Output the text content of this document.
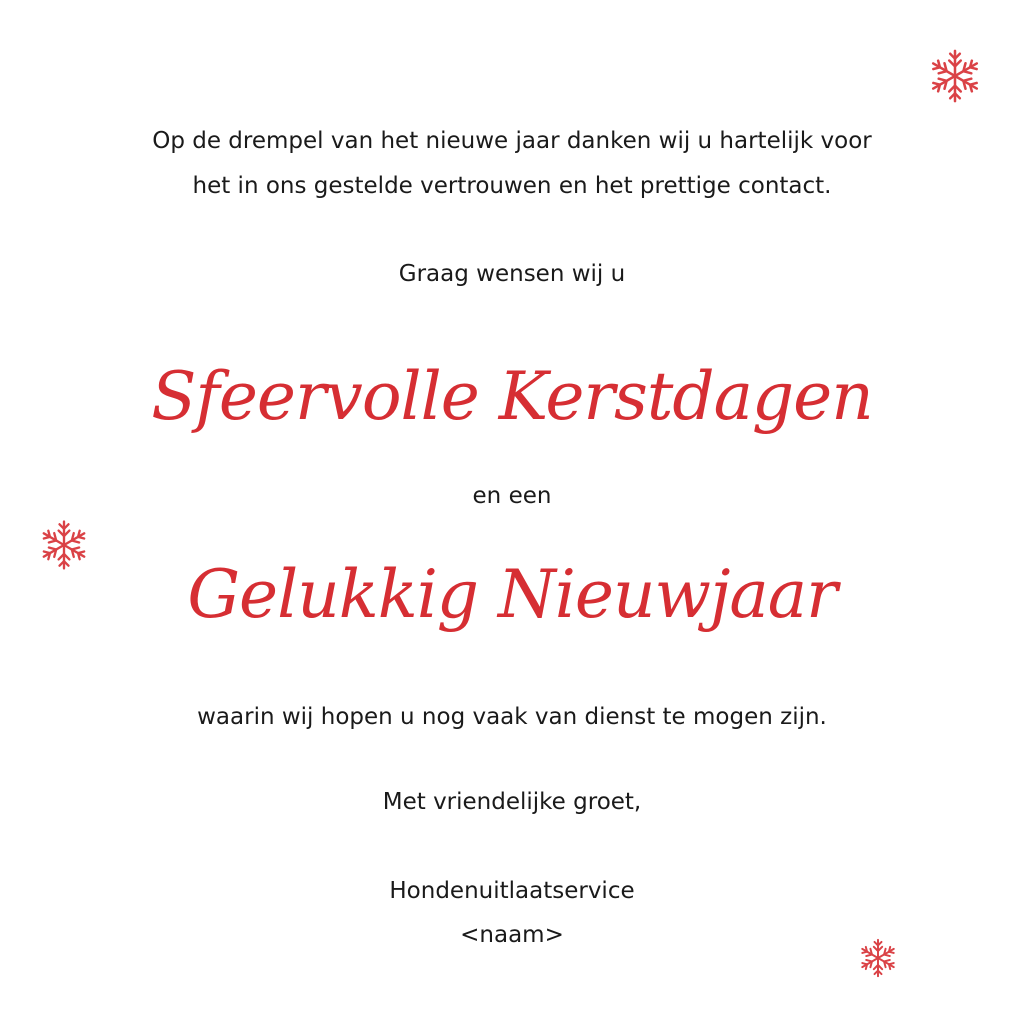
Op de drempel van het nieuwe jaar danken wij u hartelijk voor
het in ons gestelde vertrouwen en het prettige contact.
Graag wensen wij u
Sfeervolle Kerstdagen
en een
Gelukkig Nieuwjaar
waarin wij hopen u nog vaak van dienst te mogen zijn.
Met vriendelijke groet,
Hondenuitlaatservice
<naam>
